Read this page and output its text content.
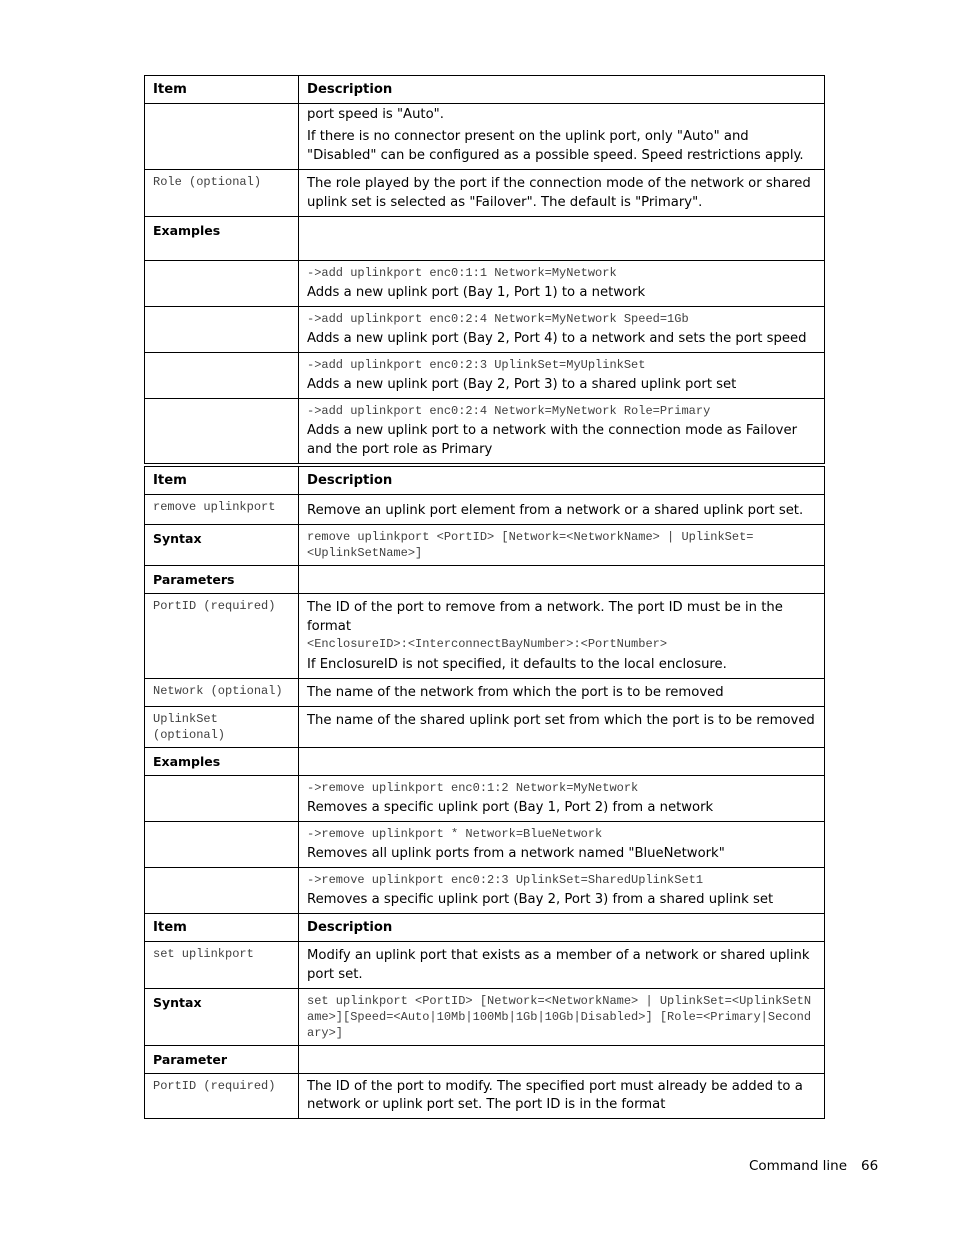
Item	Description

	port speed is "Auto".

If there is no connector present on the uplink port, only "Auto" and "Disabled" can be configured as a possible speed. Speed restrictions apply.

Role (optional)	The role played by the port if the connection mode of the network or shared uplink set is selected as "Failover". The default is "Primary".
Examples	

	->add uplinkport enc0:1:1 Network=MyNetwork
Adds a new uplink port (Bay 1, Port 1) to a network

	->add uplinkport enc0:2:4 Network=MyNetwork Speed=1Gb
Adds a new uplink port (Bay 2, Port 4) to a network and sets the port speed

	->add uplinkport enc0:2:3 UplinkSet=MyUplinkSet
Adds a new uplink port (Bay 2, Port 3) to a shared uplink port set

	->add uplinkport enc0:2:4 Network=MyNetwork Role=Primary
Adds a new uplink port to a network with the connection mode as Failover and the port role as Primary
Item	Description
remove uplinkport	Remove an uplink port element from a network or a shared uplink port set.
Syntax	remove uplinkport <PortID> [Network=<NetworkName> | UplinkSet=<UplinkSetName>]
Parameters	
PortID (required)	The ID of the port to remove from a network. The port ID must be in the format
<EnclosureID>:<InterconnectBayNumber>:<PortNumber>
If EnclosureID is not specified, it defaults to the local enclosure.

Network (optional)	The name of the network from which the port is to be removed
UplinkSet (optional)	The name of the shared uplink port set from which the port is to be removed
Examples	

	->remove uplinkport enc0:1:2 Network=MyNetwork
Removes a specific uplink port (Bay 1, Port 2) from a network

	->remove uplinkport * Network=BlueNetwork
Removes all uplink ports from a network named "BlueNetwork"

	->remove uplinkport enc0:2:3 UplinkSet=SharedUplinkSet1
Removes a specific uplink port (Bay 2, Port 3) from a shared uplink set
Item	Description
set uplinkport	Modify an uplink port that exists as a member of a network or shared uplink port set.
Syntax	set uplinkport <PortID> [Network=<NetworkName> | UplinkSet=<UplinkSetName>][Speed=<Auto|10Mb|100Mb|1Gb|10Gb|Disabled>] [Role=<Primary|Secondary>]
Parameter	
PortID (required)	The ID of the port to modify. The specified port must already be added to a network or uplink port set. The port ID is in the format
Command line 66
